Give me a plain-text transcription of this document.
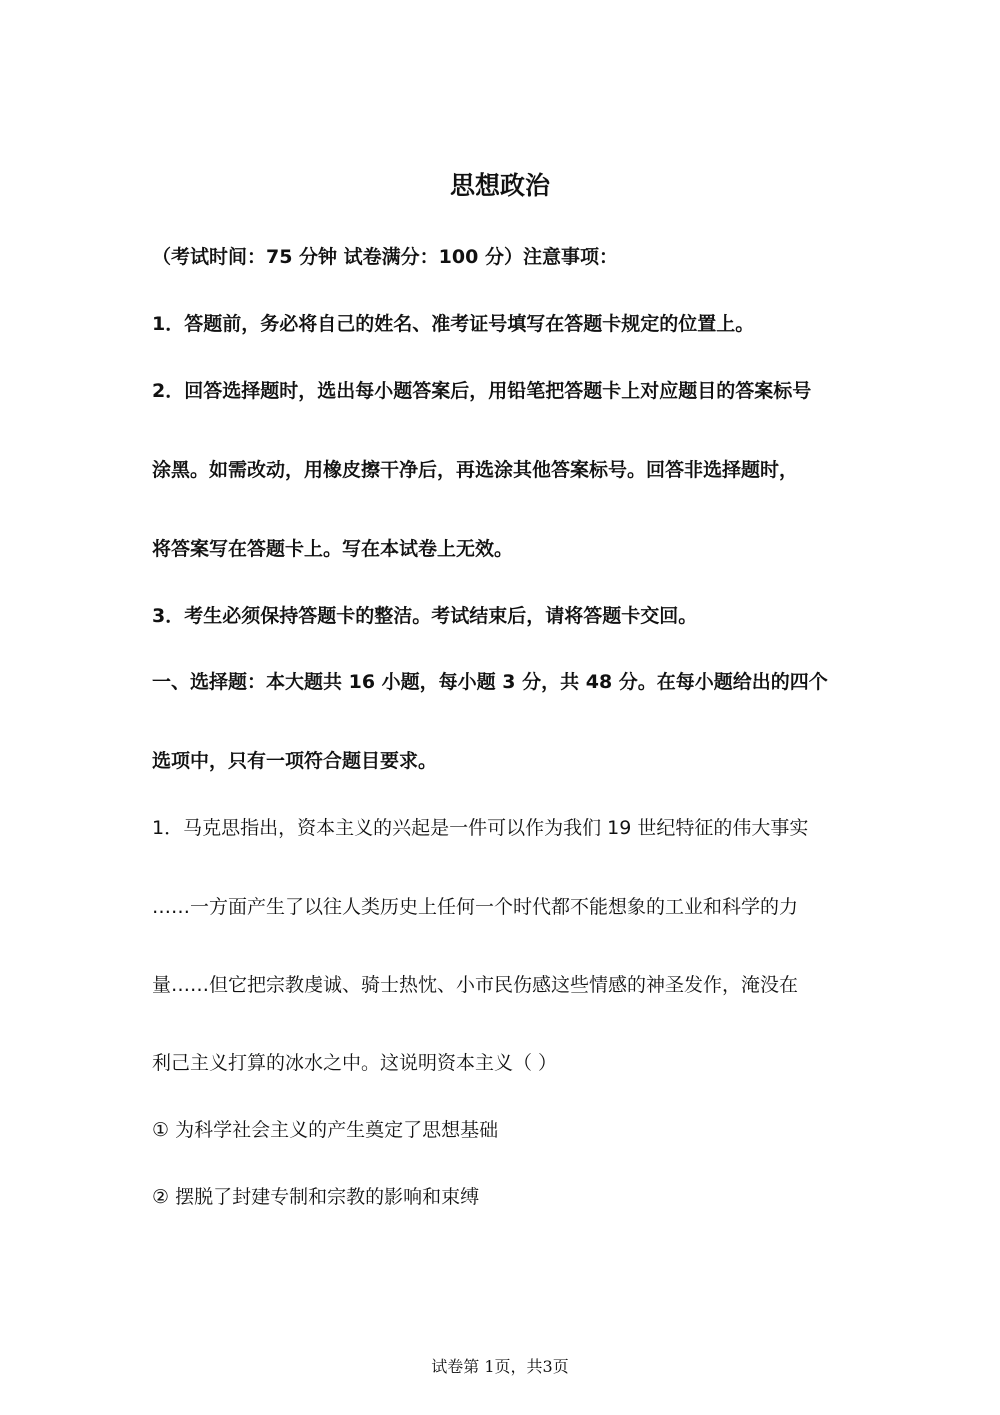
思想政治
（考试时间：75 分钟 试卷满分：100 分）注意事项：
1．答题前，务必将自己的姓名、准考证号填写在答题卡规定的位置上。
2．回答选择题时，选出每小题答案后，用铅笔把答题卡上对应题目的答案标号
涂黑。如需改动，用橡皮擦干净后，再选涂其他答案标号。回答非选择题时，
将答案写在答题卡上。写在本试卷上无效。
3．考生必须保持答题卡的整洁。考试结束后，请将答题卡交回。
一、选择题：本大题共 16 小题，每小题 3 分，共 48 分。在每小题给出的四个
选项中，只有一项符合题目要求。
1．马克思指出，资本主义的兴起是一件可以作为我们 19 世纪特征的伟大事实
……一方面产生了以往人类历史上任何一个时代都不能想象的工业和科学的力
量……但它把宗教虔诚、骑士热忱、小市民伤感这些情感的神圣发作，淹没在
利己主义打算的冰水之中。这说明资本主义（ ）
① 为科学社会主义的产生奠定了思想基础
② 摆脱了封建专制和宗教的影响和束缚
试卷第 1页，共3页
